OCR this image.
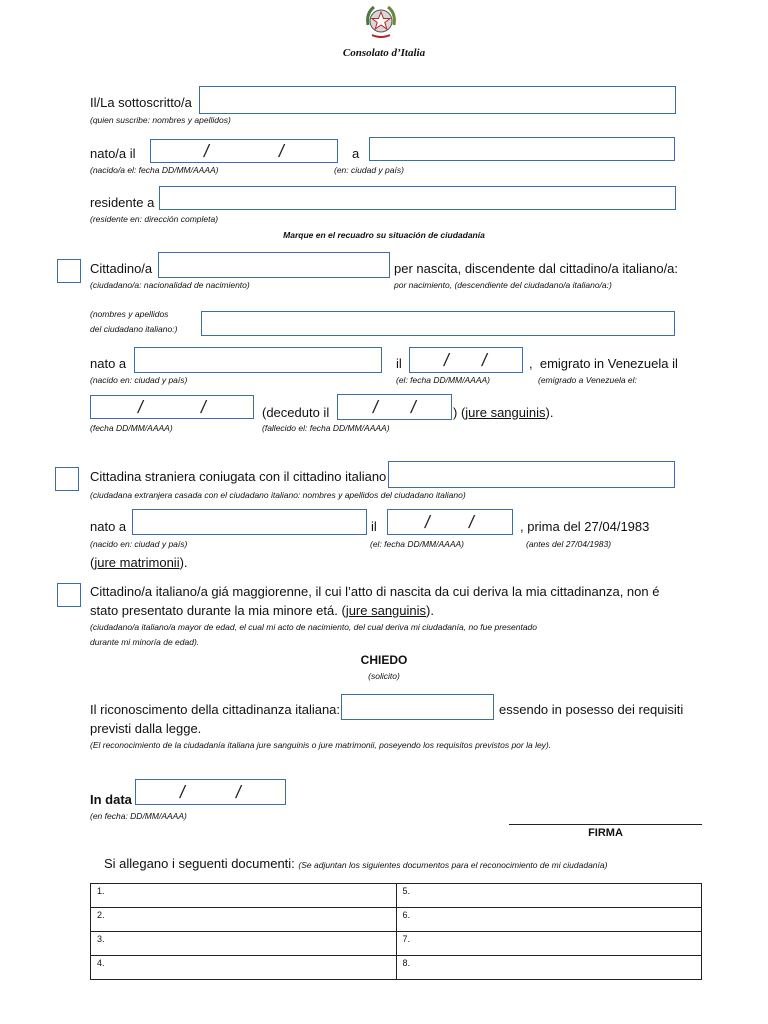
Consolato d’Italia
Il/La sottoscritto/a
(quien suscribe: nombres y apellidos)
nato/a il	/	/	a
(nacido/a el: fecha DD/MM/AAAA)	(en: ciudad y país)
residente a
(residente en: dirección completa)
Marque en el recuadro su situación de ciudadanía
Cittadino/a	per nascita, discendente dal cittadino/a italiano/a:
(ciudadano/a: nacionalidad de nacimiento)	por nacimiento, (descendiente del ciudadano/a italiano/a:)
(nombres y apellidos
del ciudadano italiano:)
nato a	il / /	,  emigrato in Venezuela il
(nacido en: ciudad y país)	(el: fecha DD/MM/AAAA)	(emigrado a Venezuela el:
/	/	(deceduto il / /	) (jure sanguinis).
(fecha DD/MM/AAAA)	(fallecido el: fecha DD/MM/AAAA)
Cittadina straniera coniugata con il cittadino italiano
(ciudadana extranjera casada con el ciudadano italiano: nombres y apellidos del ciudadano italiano)
nato a	il	/ /	, prima del 27/04/1983
(nacido en: ciudad y país)	(el: fecha DD/MM/AAAA)	(antes del 27/04/1983)
(jure matrimonii).
Cittadino/a italiano/a giá maggiorenne, il cui l’atto di nascita da cui deriva la mia cittadinanza, non é
stato presentato durante la mia minore etá. (jure sanguinis).
(ciudadano/a italiano/a mayor de edad, el cual mi acto de nacimiento, del cual deriva mi ciudadanía, no fue presentado
durante mi minoría de edad).
CHIEDO
(solicito)
Il riconoscimento della cittadinanza italiana:	essendo in posesso dei requisiti
previsti dalla legge.
(El reconocimiento de la ciudadanía italiana jure sanguinis o jure matrimonii, poseyendo los requisitos previstos por la ley).
In data	/	/
(en fecha: DD/MM/AAAA)
FIRMA
Si allegano i seguenti documenti: (Se adjuntan los siguientes documentos para el reconocimiento de mi ciudadanía)
1.	5.
2.	6.
3.	7.
4.	8.
